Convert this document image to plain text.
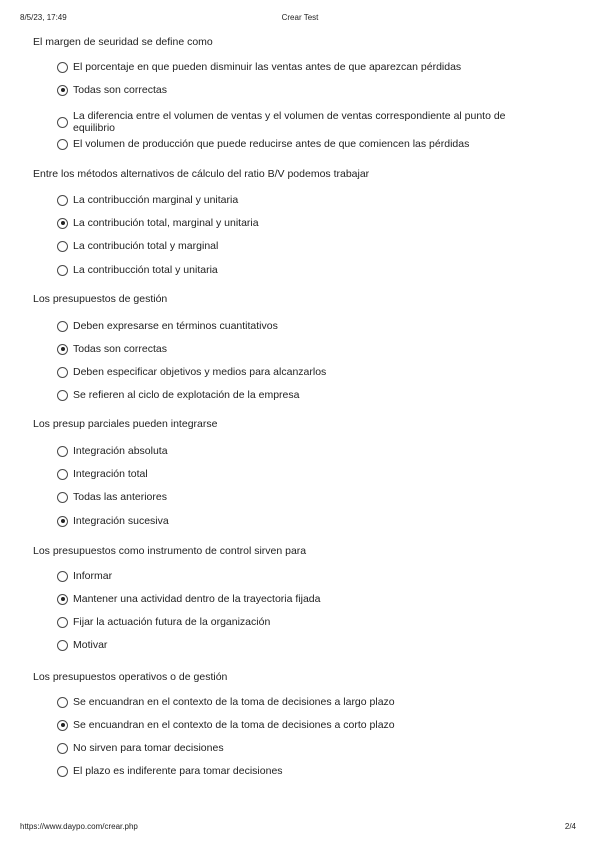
8/5/23, 17:49	Crear Test
El margen de seuridad se define como
El porcentaje en que pueden disminuir las ventas antes de que aparezcan pérdidas
Todas son correctas
La diferencia entre el volumen de ventas y el volumen de ventas correspondiente al punto de equilibrio
El volumen de producción que puede reducirse antes de que comiencen las pérdidas
Entre los métodos alternativos de cálculo del ratio B/V podemos trabajar
La contribucción marginal y unitaria
La contribución total, marginal y unitaria
La contribución total y marginal
La contribucción total y unitaria
Los presupuestos de gestión
Deben expresarse en términos cuantitativos
Todas son correctas
Deben especificar objetivos y medios para alcanzarlos
Se refieren al ciclo de explotación de la empresa
Los presup parciales pueden integrarse
Integración absoluta
Integración total
Todas las anteriores
Integración sucesiva
Los presupuestos como instrumento de control sirven para
Informar
Mantener una actividad dentro de la trayectoria fijada
Fijar la actuación futura de la organización
Motivar
Los presupuestos operativos o de gestión
Se encuandran en el contexto de la toma de decisiones a largo plazo
Se encuandran en el contexto de la toma de decisiones a corto plazo
No sirven para tomar decisiones
El plazo es indiferente para tomar decisiones
https://www.daypo.com/crear.php	2/4
